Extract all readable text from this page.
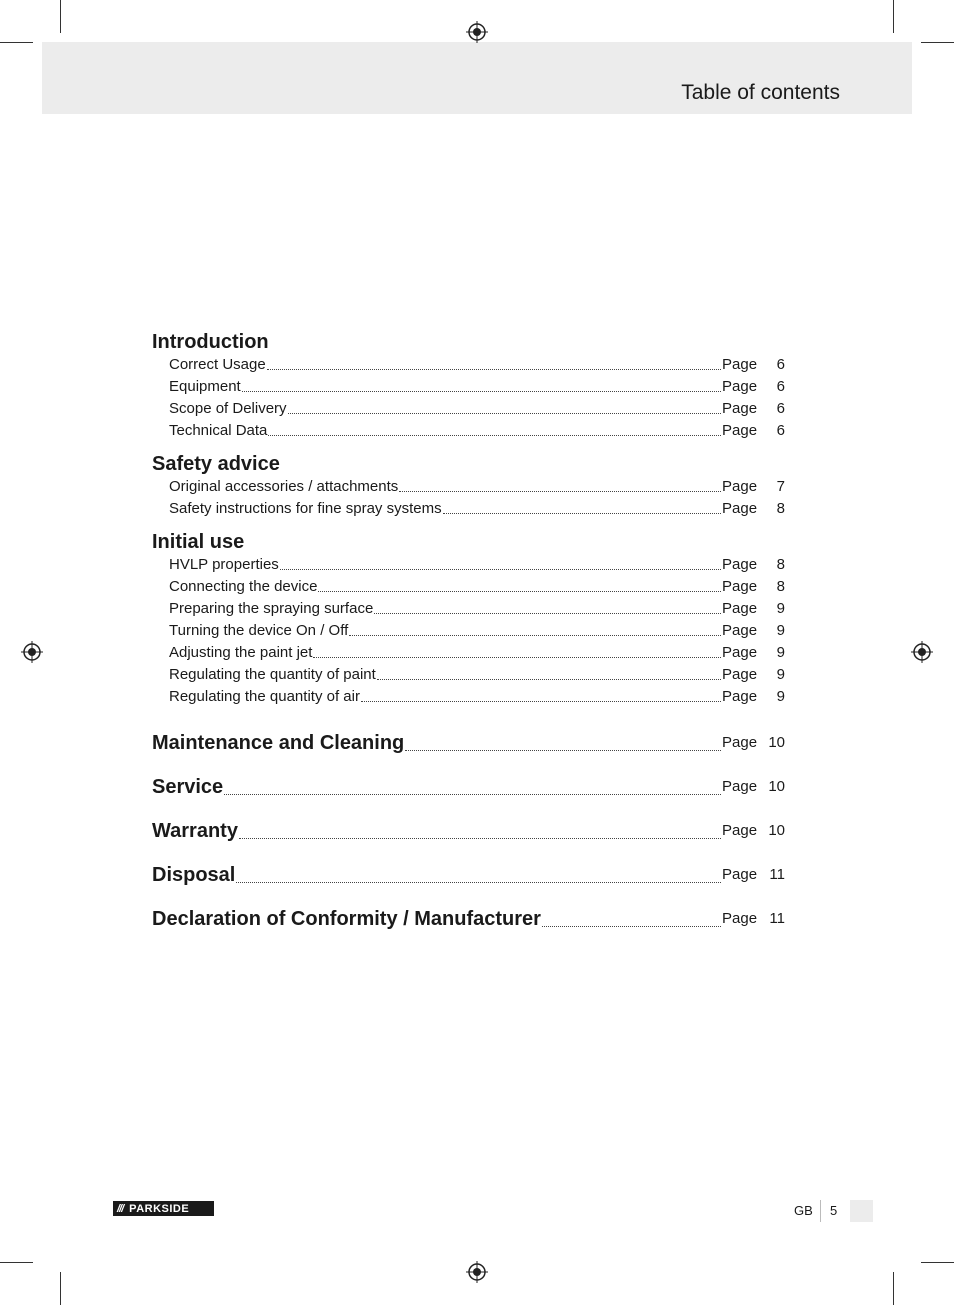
Table of contents
Introduction
Correct Usage	Page	6
Equipment	Page	6
Scope of Delivery	Page	6
Technical Data	Page	6
Safety advice
Original accessories / attachments	Page	7
Safety instructions for fine spray systems	Page	8
Initial use
HVLP properties	Page	8
Connecting the device	Page	8
Preparing the spraying surface	Page	9
Turning the device On / Off	Page	9
Adjusting the paint jet	Page	9
Regulating the quantity of paint	Page	9
Regulating the quantity of air	Page	9
Maintenance and Cleaning	Page 10
Service	Page 10
Warranty	Page 10
Disposal	Page 11
Declaration of Conformity / Manufacturer	Page 11
/// PARKSIDE	GB 5
